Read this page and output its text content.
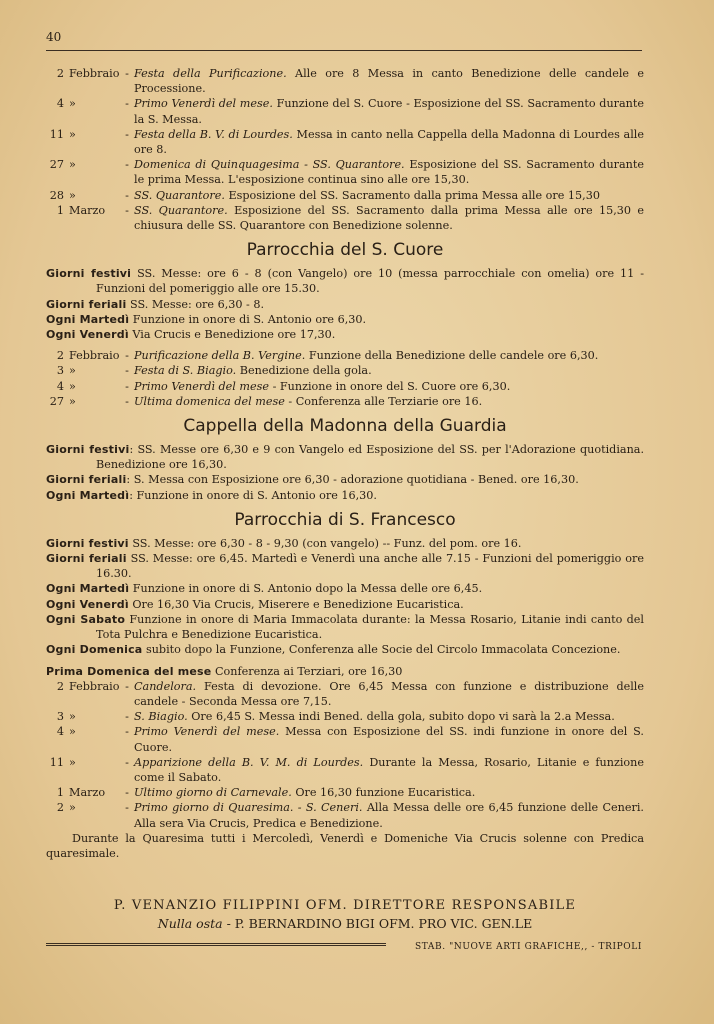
40
2 Febbraio - Festa della Purificazione. Alle ore 8 Messa in canto Benedizione delle candele e Processione.
4 »	- Primo Venerdì del mese. Funzione del S. Cuore - Esposizione del SS. Sacramento durante la S. Messa.
11 »	- Festa della B. V. di Lourdes. Messa in canto nella Cappella della Madonna di Lourdes alle ore 8.
27 »	- Domenica di Quinquagesima - SS. Quarantore. Esposizione del SS. Sacramento durante le prima Messa. L'esposizione continua sino alle ore 15,30.
28 »	- SS. Quarantore. Esposizione del SS. Sacramento dalla prima Messa alle ore 15,30
1 Marzo	- SS. Quarantore. Esposizione del SS. Sacramento dalla prima Messa alle ore 15,30 e chiusura delle SS. Quarantore con Benedizione solenne.
Parrocchia del S. Cuore
Giorni festivi SS. Messe: ore 6 - 8 (con Vangelo) ore 10 (messa parrocchiale con omelia) ore 11 - Funzioni del pomeriggio alle ore 15.30.
Giorni feriali SS. Messe: ore 6,30 - 8.
Ogni Martedì Funzione in onore di S. Antonio ore 6,30.
Ogni Venerdì Via Crucis e Benedizione ore 17,30.
2 Febbraio - Purificazione della B. Vergine. Funzione della Benedizione delle candele ore 6,30.
3 »	- Festa di S. Biagio. Benedizione della gola.
4 »	- Primo Venerdì del mese - Funzione in onore del S. Cuore ore 6,30.
27 »	- Ultima domenica del mese - Conferenza alle Terziarie ore 16.
Cappella della Madonna della Guardia
Giorni festivi: SS. Messe ore 6,30 e 9 con Vangelo ed Esposizione del SS. per l'Adorazione quotidiana. Benedizione ore 16,30.
Giorni feriali: S. Messa con Esposizione ore 6,30 - adorazione quotidiana - Bened. ore 16,30.
Ogni Martedì: Funzione in onore di S. Antonio ore 16,30.
Parrocchia di S. Francesco
Giorni festivi SS. Messe: ore 6,30 - 8 - 9,30 (con vangelo) -- Funz. del pom. ore 16.
Giorni feriali SS. Messe: ore 6,45. Martedì e Venerdì una anche alle 7.15 - Funzioni del pomeriggio ore 16.30.
Ogni Martedì Funzione in onore di S. Antonio dopo la Messa delle ore 6,45.
Ogni Venerdì Ore 16,30 Via Crucis, Miserere e Benedizione Eucaristica.
Ogni Sabato Funzione in onore di Maria Immacolata durante: la Messa Rosario, Litanie indi canto del Tota Pulchra e Benedizione Eucaristica.
Ogni Domenica subito dopo la Funzione, Conferenza alle Socie del Circolo Immacolata Concezione.
Prima Domenica del mese Conferenza ai Terziari, ore 16,30
2 Febbraio - Candelora. Festa di devozione. Ore 6,45 Messa con funzione e distribuzione delle candele - Seconda Messa ore 7,15.
3 »	- S. Biagio. Ore 6,45 S. Messa indi Bened. della gola, subito dopo vi sarà la 2.a Messa.
4 »	- Primo Venerdì del mese. Messa con Esposizione del SS. indi funzione in onore del S. Cuore.
11 »	- Apparizione della B. V. M. di Lourdes. Durante la Messa, Rosario, Litanie e funzione come il Sabato.
1 Marzo	- Ultimo giorno di Carnevale. Ore 16,30 funzione Eucaristica.
2 »	- Primo giorno di Quaresima. - S. Ceneri. Alla Messa delle ore 6,45 funzione delle Ceneri. Alla sera Via Crucis, Predica e Benedizione.
Durante la Quaresima tutti i Mercoledì, Venerdì e Domeniche Via Crucis solenne con Predica quaresimale.
P. VENANZIO FILIPPINI OFM. DIRETTORE RESPONSABILE
Nulla osta - P. BERNARDINO BIGI OFM. PRO VIC. GEN.LE
STAB. "NUOVE ARTI GRAFICHE,, - TRIPOLI
